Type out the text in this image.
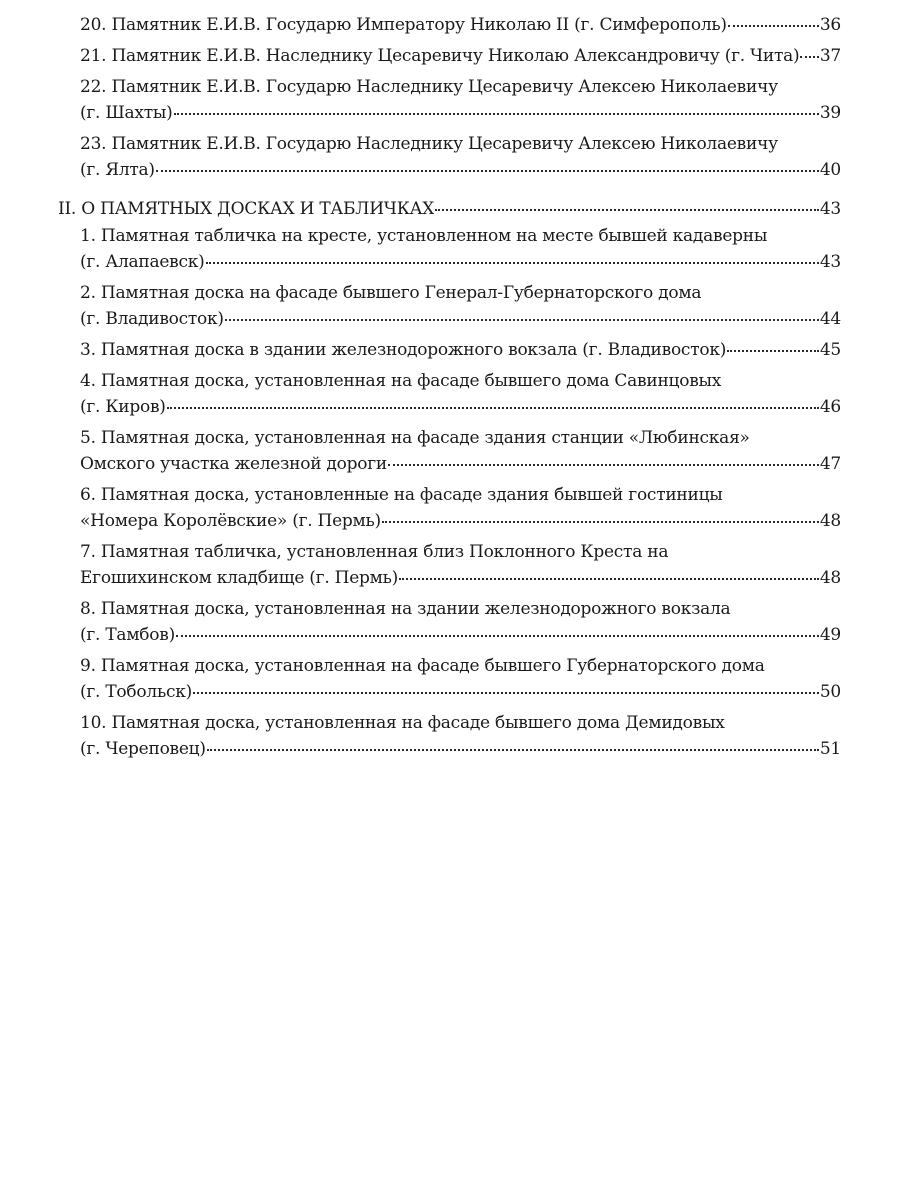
20. Памятник Е.И.В. Государю Императору Николаю II (г. Симферополь)	36
21. Памятник Е.И.В. Наследнику Цесаревичу Николаю Александровичу (г. Чита) 37
22. Памятник Е.И.В. Государю Наследнику Цесаревичу Алексею Николаевичу
(г. Шахты)	39
23. Памятник Е.И.В. Государю Наследнику Цесаревичу Алексею Николаевичу
(г. Ялта)	40
II. О ПАМЯТНЫХ ДОСКАХ И ТАБЛИЧКАХ	43
1. Памятная табличка на кресте, установленном на месте бывшей кадаверны
(г. Алапаевск)	43
2. Памятная доска на фасаде бывшего Генерал-Губернаторского дома
(г. Владивосток)	44
3. Памятная доска в здании железнодорожного вокзала (г. Владивосток)	45
4. Памятная доска, установленная на фасаде бывшего дома Савинцовых
(г. Киров)	46
5. Памятная доска, установленная на фасаде здания станции «Любинская»
Омского участка железной дороги	47
6. Памятная доска, установленные на фасаде здания бывшей гостиницы
«Номера Королёвские» (г. Пермь)	48
7. Памятная табличка, установленная близ Поклонного Креста на
Егошихинском кладбище (г. Пермь)	48
8. Памятная доска, установленная на здании железнодорожного вокзала
(г. Тамбов)	49
9. Памятная доска, установленная на фасаде бывшего Губернаторского дома
(г. Тобольск)	50
10. Памятная доска, установленная на фасаде бывшего дома Демидовых
(г. Череповец)	51
